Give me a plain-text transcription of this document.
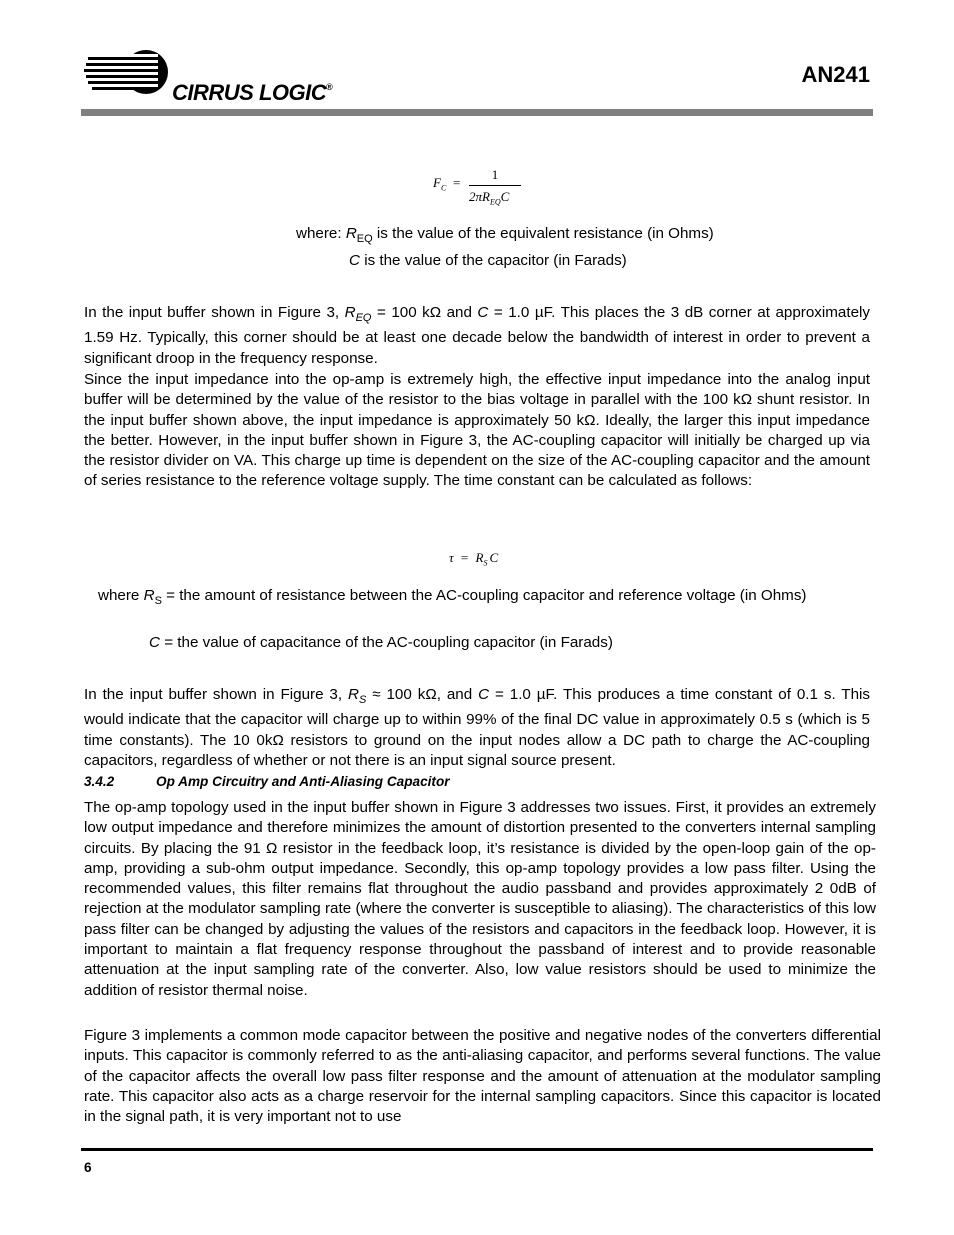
CIRRUS LOGIC®	AN241
$F_C$ =
1
$2\pi R_{EQ}C$
where: $R_{EQ}$ is the value of the equivalent resistance (in Ohms)
C is the value of the capacitor (in Farads)

In the input buffer shown in Figure 3, $R_{EQ} = 100$ kΩ and C = 1.0 µF. This places the 3 dB corner at approximately 1.59 Hz. Typically, this corner should be at least one decade below the bandwidth of interest in order to prevent a significant droop in the frequency response.

Since the input impedance into the op-amp is extremely high, the effective input impedance into the analog input buffer will be determined by the value of the resistor to the bias voltage in parallel with the 100 kΩ shunt resistor. In the input buffer shown above, the input impedance is approximately 50 kΩ. Ideally, the larger this input impedance the better. However, in the input buffer shown in Figure 3, the AC-coupling capacitor will initially be charged up via the resistor divider on VA. This charge up time is dependent on the size of the AC-coupling capacitor and the amount of series resistance to the reference voltage supply. The time constant can be calculated as follows:

$\tau = R_S$ C

where $R_S$ = the amount of resistance between the AC-coupling capacitor and reference voltage (in Ohms)

C = the value of capacitance of the AC-coupling capacitor (in Farads)

In the input buffer shown in Figure 3, $R_S \approx 100$ kΩ, and C = 1.0 µF. This produces a time constant of 0.1 s. This would indicate that the capacitor will charge up to within 99% of the final DC value in approximately 0.5 s (which is 5 time constants). The 10 0kΩ resistors to ground on the input nodes allow a DC path to charge the AC-coupling capacitors, regardless of whether or not there is an input signal source present.

3.4.2	Op Amp Circuitry and Anti-Aliasing Capacitor

The op-amp topology used in the input buffer shown in Figure 3 addresses two issues. First, it provides an extremely low output impedance and therefore minimizes the amount of distortion presented to the converters internal sampling circuits. By placing the 91 Ω resistor in the feedback loop, it’s resistance is divided by the open-loop gain of the op-amp, providing a sub-ohm output impedance. Secondly, this op-amp topology provides a low pass filter. Using the recommended values, this filter remains flat throughout the audio passband and provides approximately 2 0dB of rejection at the modulator sampling rate (where the converter is susceptible to aliasing). The characteristics of this low pass filter can be changed by adjusting the values of the resistors and capacitors in the feedback loop. However, it is important to maintain a flat frequency response throughout the passband of interest and to provide reasonable attenuation at the input sampling rate of the converter. Also, low value resistors should be used to minimize the addition of resistor thermal noise.

Figure 3 implements a common mode capacitor between the positive and negative nodes of the converters differential inputs. This capacitor is commonly referred to as the anti-aliasing capacitor, and performs several functions. The value of the capacitor affects the overall low pass filter response and the amount of attenuation at the modulator sampling rate. This capacitor also acts as a charge reservoir for the internal sampling capacitors. Since this capacitor is located in the signal path, it is very important not to use

6
